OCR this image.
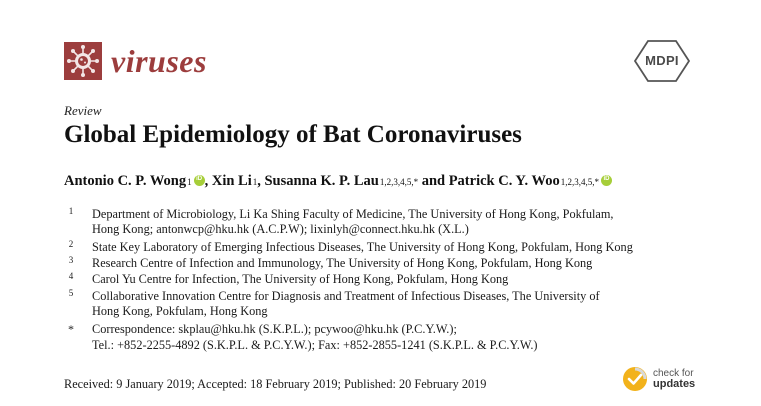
viruses	MDPI
Review
Global Epidemiology of Bat Coronaviruses
Antonio C. P. Wong 1
iD , Xin Li 1 , Susanna K. P. Lau 1,2,3,4,5,* and Patrick C. Y. Woo 1,2,3,4,5,*
iD
1	Department of Microbiology, Li Ka Shing Faculty of Medicine, The University of Hong Kong, Pokfulam,
Hong Kong; antonwcp@hku.hk (A.C.P.W); lixinlyh@connect.hku.hk (X.L.)
2	State Key Laboratory of Emerging Infectious Diseases, The University of Hong Kong, Pokfulam, Hong Kong
3	Research Centre of Infection and Immunology, The University of Hong Kong, Pokfulam, Hong Kong
4	Carol Yu Centre for Infection, The University of Hong Kong, Pokfulam, Hong Kong
5	Collaborative Innovation Centre for Diagnosis and Treatment of Infectious Diseases, The University of
Hong Kong, Pokfulam, Hong Kong
*	Correspondence: skplau@hku.hk (S.K.P.L.); pcywoo@hku.hk (P.C.Y.W.);
Tel.: +852-2255-4892 (S.K.P.L. & P.C.Y.W.); Fax: +852-2855-1241 (S.K.P.L. & P.C.Y.W.)
Received: 9 January 2019; Accepted: 18 February 2019; Published: 20 February 2019
check for
updates
